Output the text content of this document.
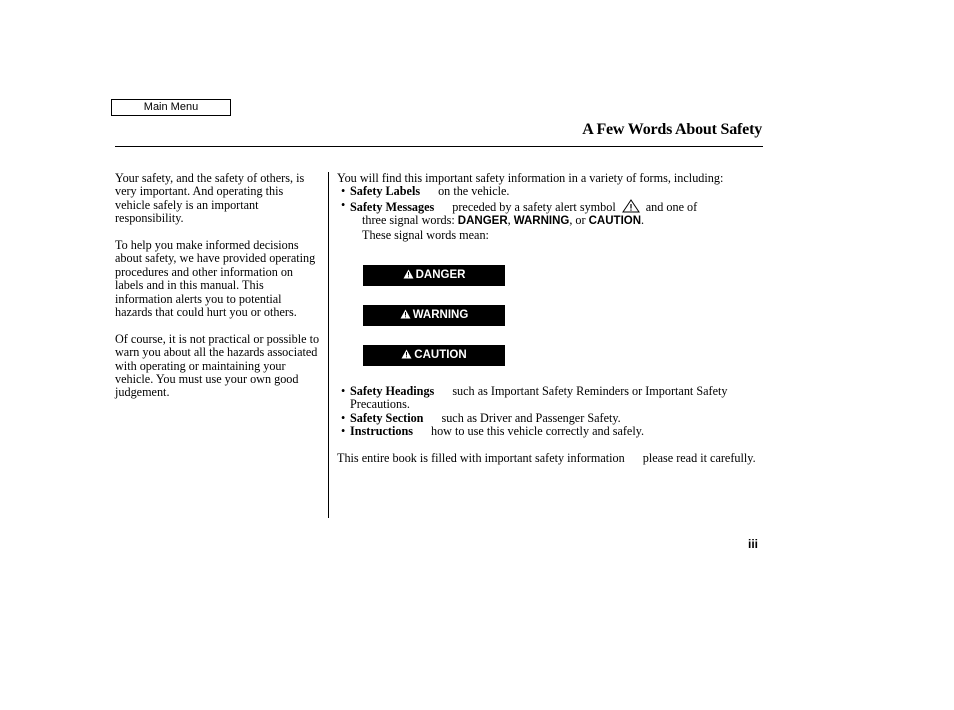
Main Menu
A Few Words About Safety

Your safety, and the safety of others, is very important. And operating this vehicle safely is an important responsibility.

To help you make informed decisions about safety, we have provided operating procedures and other information on labels and in this manual. This information alerts you to potential hazards that could hurt you or others.

Of course, it is not practical or possible to warn you about all the hazards associated with operating or maintaining your vehicle. You must use your own good judgement.

You will find this important safety information in a variety of forms, including:

• Safety Labels on the vehicle.
• Safety Messages preceded by a safety alert symbol and one of
three signal words: DANGER, WARNING, or CAUTION.
These signal words mean:
DANGER
WARNING
CAUTION
• Safety Headings such as Important Safety Reminders or Important Safety Precautions.
• Safety Section such as Driver and Passenger Safety.
• Instructions how to use this vehicle correctly and safely.

This entire book is filled with important safety information please read it carefully.

iii
